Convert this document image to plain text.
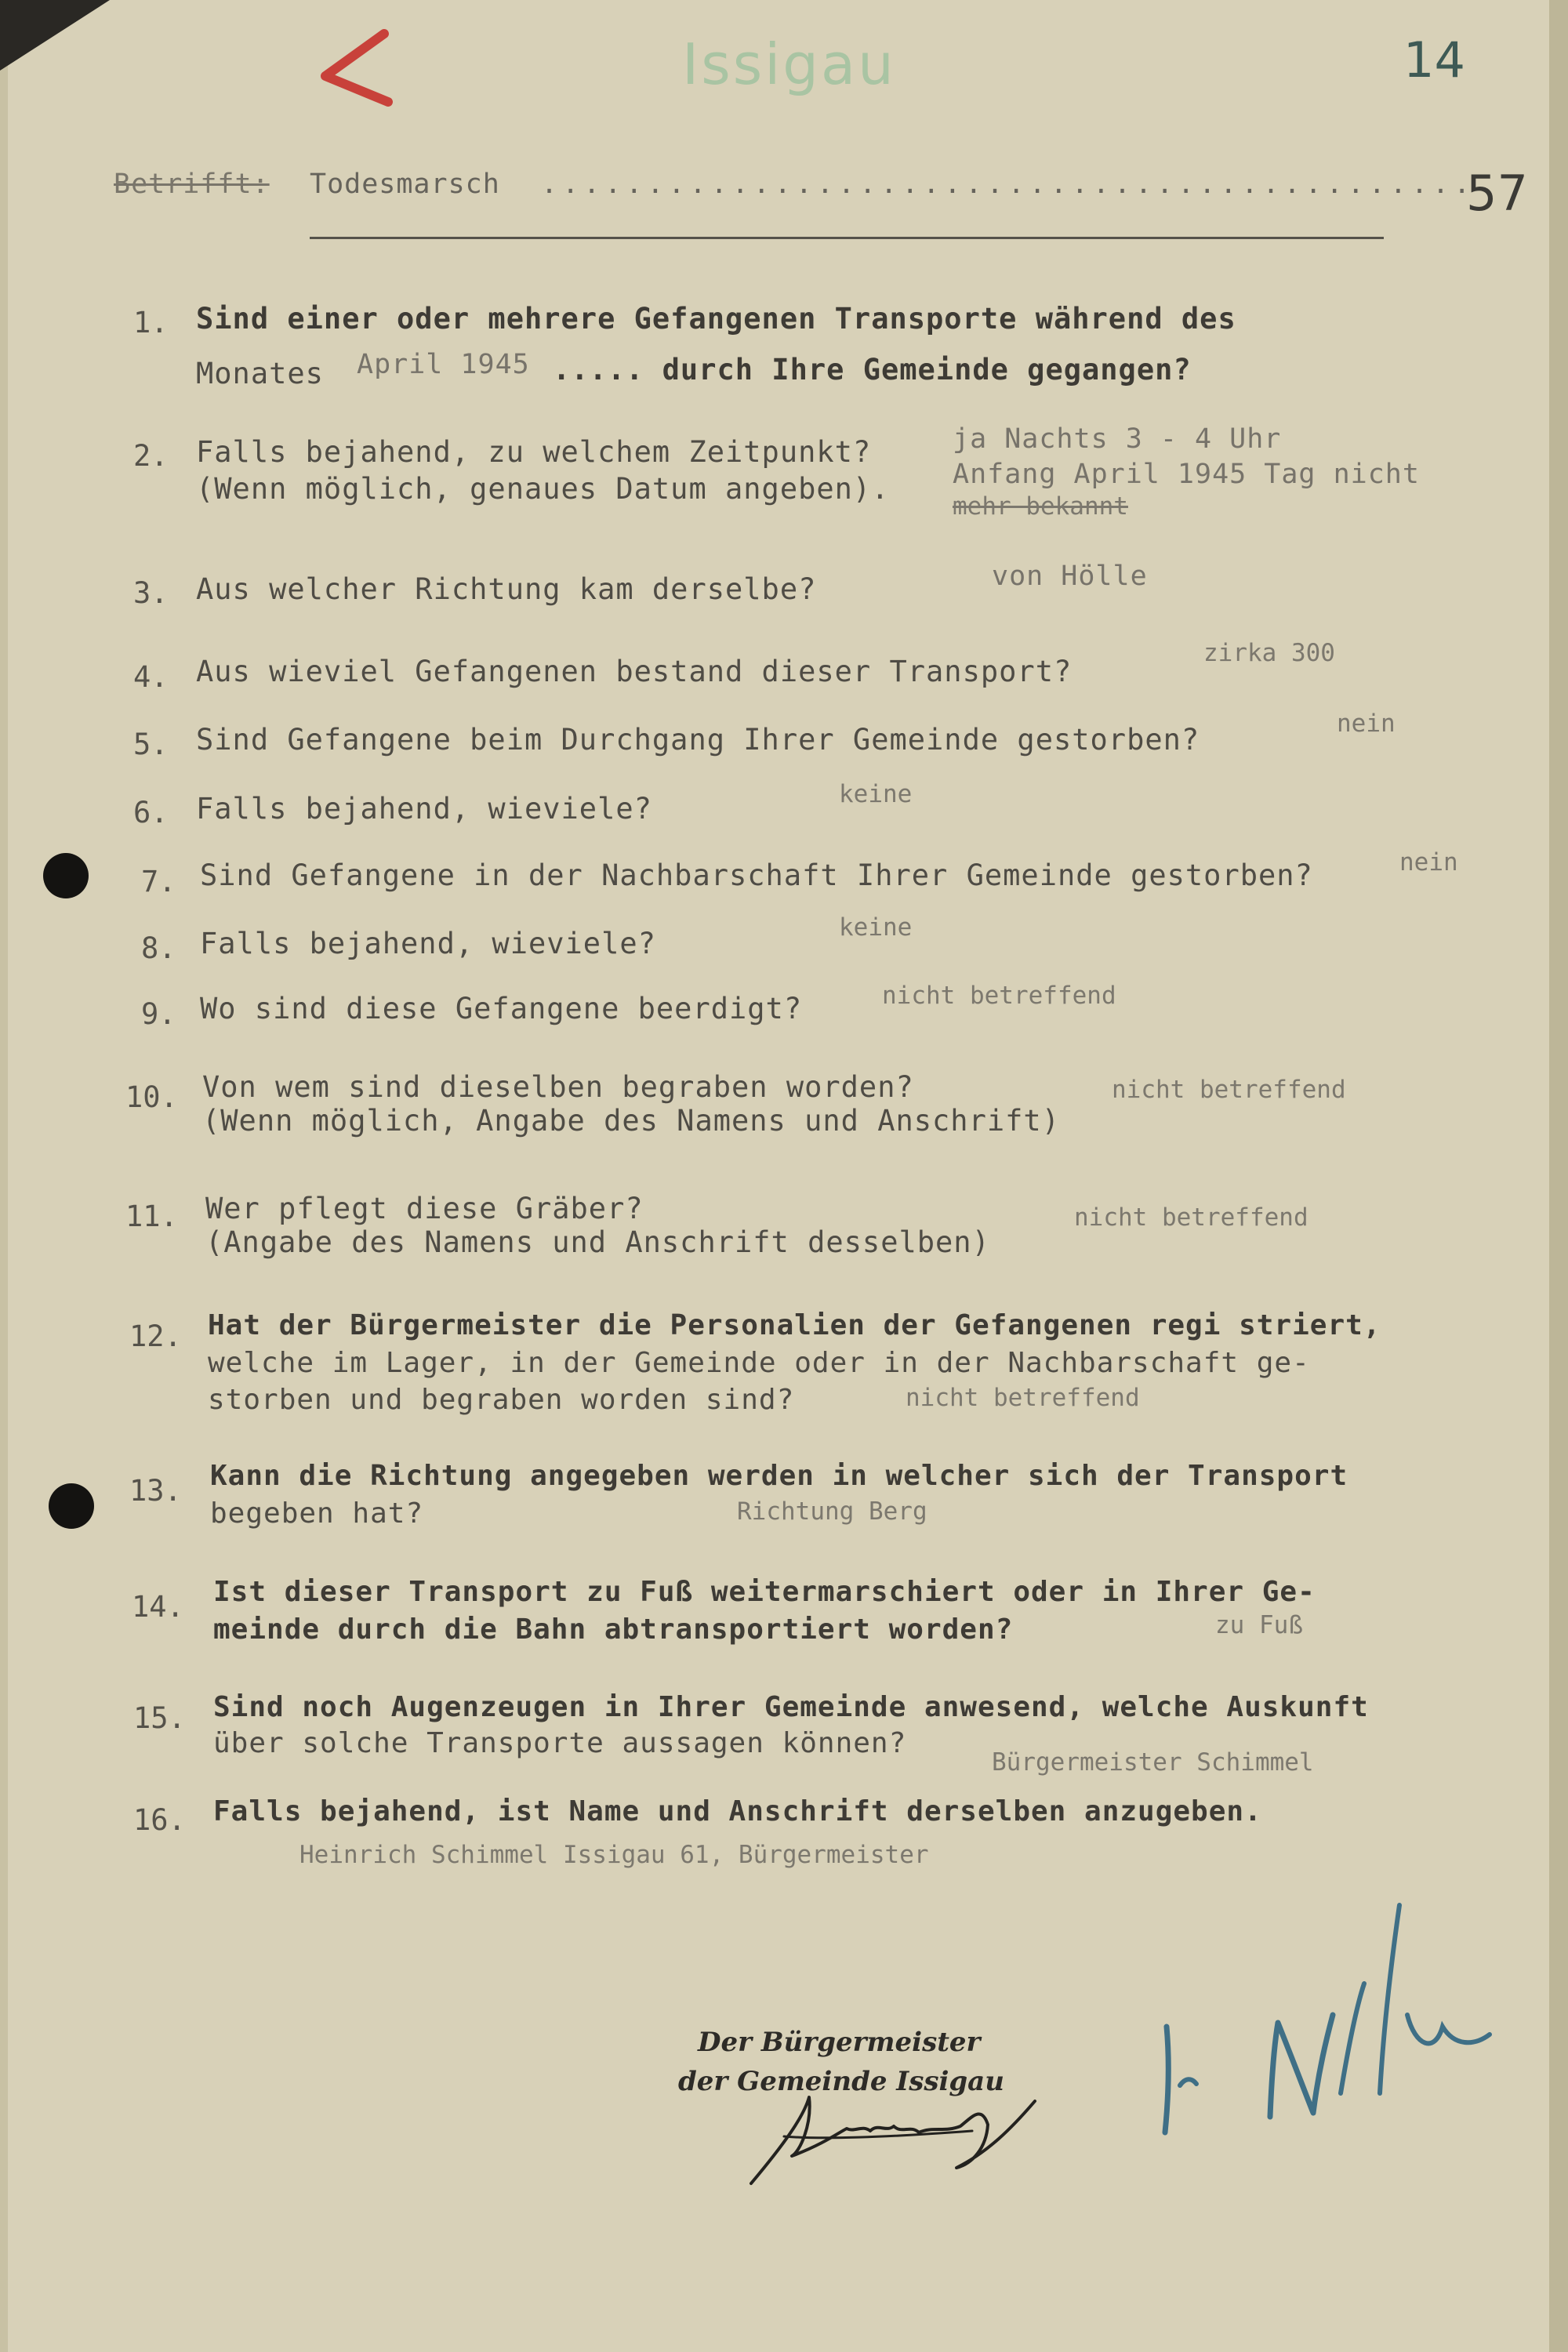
Issigau	14
Betrifft: Todesmarsch ............................................
57
1. Sind einer oder mehrere Gefangenen Transporte während des
Monates April 1945 ..... durch Ihre Gemeinde gegangen?
2. Falls bejahend, zu welchem Zeitpunkt?
(Wenn möglich, genaues Datum angeben).
ja Nachts 3 - 4 Uhr
Anfang April 1945 Tag nicht
mehr bekannt
3. Aus welcher Richtung kam derselbe?	von Hölle
4. Aus wieviel Gefangenen bestand dieser Transport?
zirka 300
5. Sind Gefangene beim Durchgang Ihrer Gemeinde gestorben?	nein
6. Falls bejahend, wieviele?	keine
7. Sind Gefangene in der Nachbarschaft Ihrer Gemeinde gestorben?	nein
8. Falls bejahend, wieviele?	keine
9. Wo sind diese Gefangene beerdigt?	nicht betreffend
10. Von wem sind dieselben begraben worden?
(Wenn möglich, Angabe des Namens und Anschrift)
nicht betreffend
11. Wer pflegt diese Gräber?
(Angabe des Namens und Anschrift desselben)
nicht betreffend
12. Hat der Bürgermeister die Personalien der Gefangenen regi striert,
welche im Lager, in der Gemeinde oder in der Nachbarschaft ge-
storben und begraben worden sind?	nicht betreffend
13. Kann die Richtung angegeben werden in welcher sich der Transport
begeben hat?	Richtung Berg
14. Ist dieser Transport zu Fuß weitermarschiert oder in Ihrer Ge-
meinde durch die Bahn abtransportiert worden?	zu Fuß
15. Sind noch Augenzeugen in Ihrer Gemeinde anwesend, welche Auskunft
über solche Transporte aussagen können?
Bürgermeister Schimmel
16. Falls bejahend, ist Name und Anschrift derselben anzugeben.
Heinrich Schimmel Issigau 61, Bürgermeister
Der Bürgermeister
der Gemeinde Issigau
